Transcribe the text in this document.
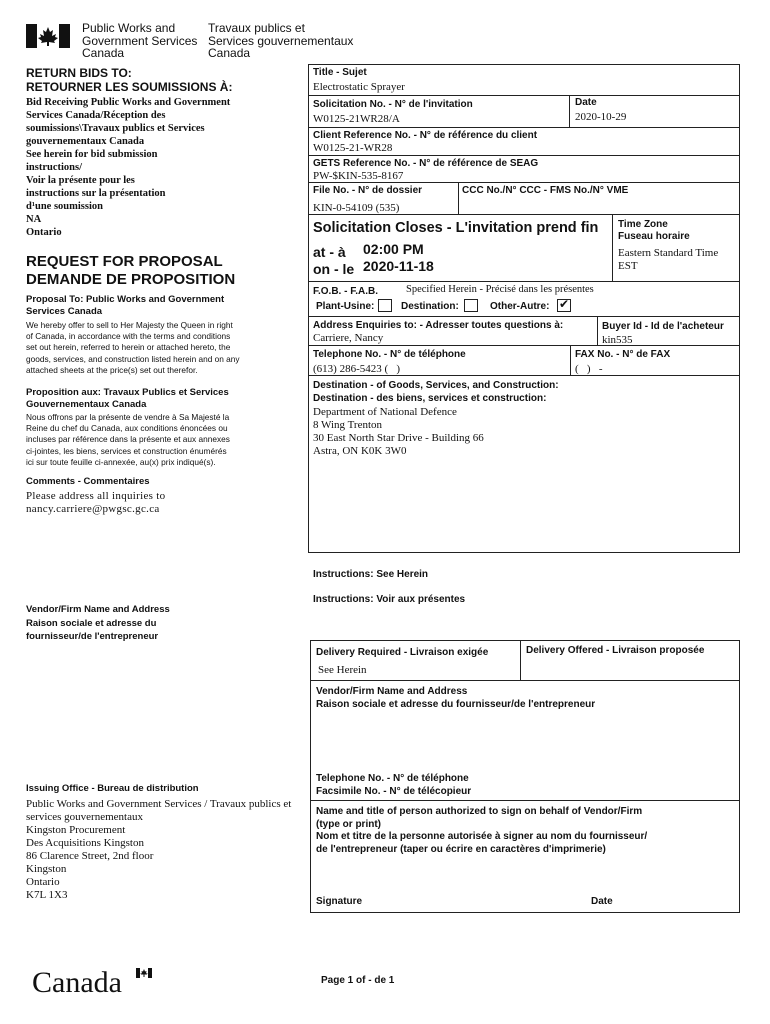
Public Works and
Government Services
Canada
Travaux publics et
Services gouvernementaux
Canada
RETURN BIDS TO:
RETOURNER LES SOUMISSIONS À:
Bid Receiving Public Works and Government
Services Canada/Réception des
soumissions\Travaux publics et Services
gouvernementaux Canada
See herein for bid submission
instructions/
Voir la présente pour les
instructions sur la présentation
d¹une soumission
NA
Ontario
REQUEST FOR PROPOSAL
DEMANDE DE PROPOSITION
Proposal To: Public Works and Government
Services Canada
We hereby offer to sell to Her Majesty the Queen in right
of Canada, in accordance with the terms and conditions
set out herein, referred to herein or attached hereto, the
goods, services, and construction listed herein and on any
attached sheets at the price(s) set out therefor.
Proposition aux: Travaux Publics et Services
Gouvernementaux Canada
Nous offrons par la présente de vendre à Sa Majesté la
Reine du chef du Canada, aux conditions énoncées ou
incluses par référence dans la présente et aux annexes
ci-jointes, les biens, services et construction énumérés
ici sur toute feuille ci-annexée, au(x) prix indiqué(s).
Comments - Commentaires
Please address all inquiries to
nancy.carriere@pwgsc.gc.ca
Vendor/Firm Name and Address
Raison sociale et adresse du
fournisseur/de l'entrepreneur
Issuing Office - Bureau de distribution
Public Works and Government Services / Travaux publics et
services gouvernementaux
Kingston Procurement
Des Acquisitions Kingston
86 Clarence Street, 2nd floor
Kingston
Ontario
K7L 1X3
Title - Sujet
Electrostatic Sprayer
Solicitation No. - N° de l'invitation
W0125-21WR28/A
Date
2020-10-29
Client Reference No. - N° de référence du client
W0125-21-WR28
GETS Reference No. - N° de référence de SEAG
PW-$KIN-535-8167
File No. - N° de dossier
KIN-0-54109 (535)
CCC No./N° CCC - FMS No./N° VME
Solicitation Closes - L'invitation prend fin
at - à 02:00 PM
on - le 2020-11-18
Time Zone
Fuseau horaire
Eastern Standard Time
EST
F.O.B. - F.A.B.	Specified Herein - Précisé dans les présentes
Plant-Usine:	Destination:	Other-Autre: ✔
Address Enquiries to: - Adresser toutes questions à:
Carriere, Nancy
Buyer Id - Id de l'acheteur
kin535
Telephone No. - N° de téléphone
(613) 286-5423 (   )
FAX No. - N° de FAX
(   )   -
Destination - of Goods, Services, and Construction:
Destination - des biens, services et construction:
Department of National Defence
8 Wing Trenton
30 East North Star Drive - Building 66
Astra, ON K0K 3W0
Instructions: See Herein
Instructions: Voir aux présentes
Delivery Required - Livraison exigée
See Herein
Delivery Offered - Livraison proposée
Vendor/Firm Name and Address
Raison sociale et adresse du fournisseur/de l'entrepreneur
Telephone No. - N° de téléphone
Facsimile No. - N° de télécopieur
Name and title of person authorized to sign on behalf of Vendor/Firm
(type or print)
Nom et titre de la personne autorisée à signer au nom du fournisseur/
de l'entrepreneur (taper ou écrire en caractères d'imprimerie)
Signature	Date
Canada	Page 1 of - de 1
